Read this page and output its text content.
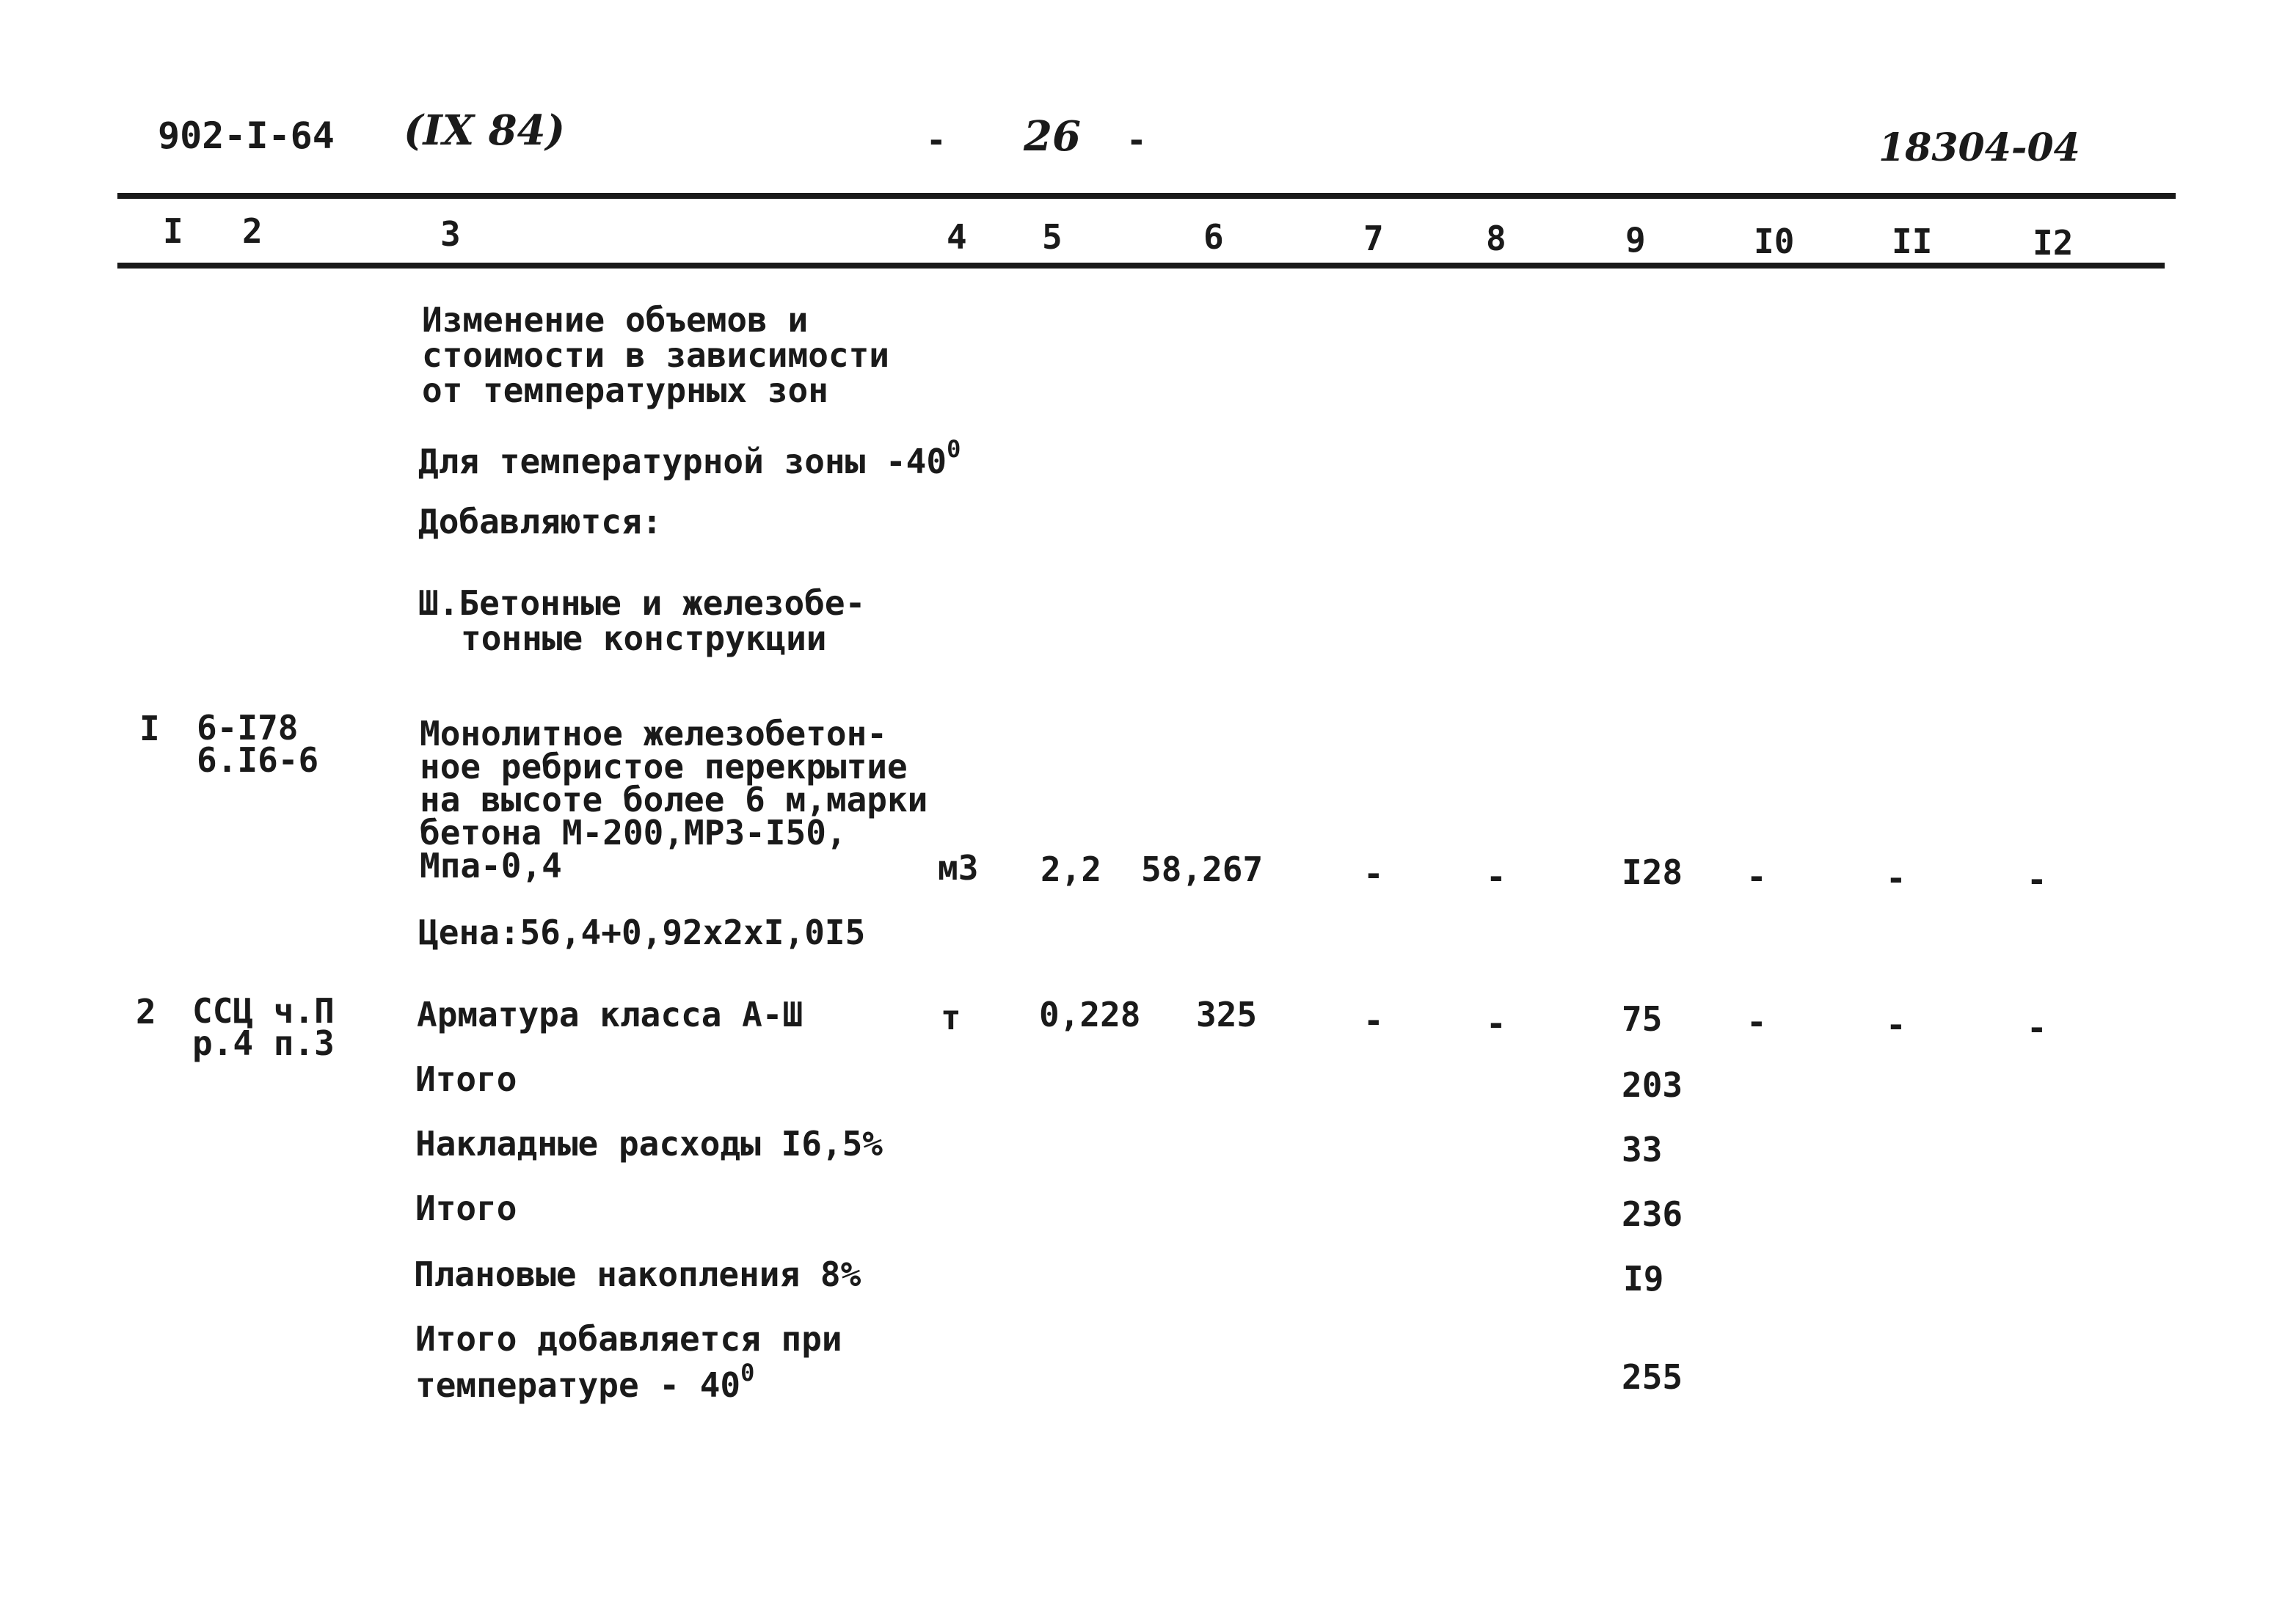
902-I-64 (IX 84)	- 26 -	18304-04
I 2	3	4 5	6	7	8	9	I0	II	I2
Изменение объемов и
стоимости в зависимости
от температурных зон
Для температурной зоны $-40^0$
Добавляются:
Ш.Бетонные и железобе-
тонные конструкции
I 6-I78
6.I6-6
Монолитное железобетон-
ное ребристое перекрытие
на высоте более 6 м,марки
бетона М-200,МРЗ-I50,
Мпа-0,4	м3 2,2 58,267	-	-	I28 -	-	-
Цена:56,4+0,92х2хI,0I5
2 ССЦ ч.П
р.4 п.3
Арматура класса А-Ш	т 0,228 325	-	-	75 -	-	-
Итого	203
Накладные расходы I6,5%	33
Итого	236
Плановые накопления 8%	I9
Итого добавляется при
температуре - $40^0$	255
